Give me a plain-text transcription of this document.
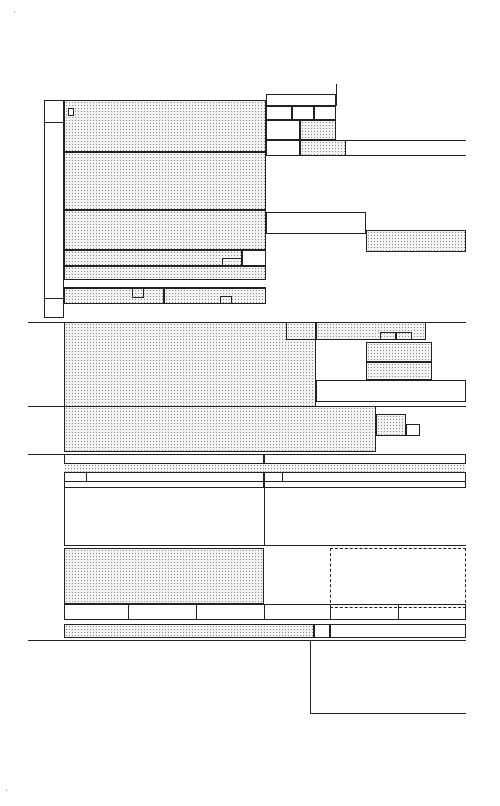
'
'
